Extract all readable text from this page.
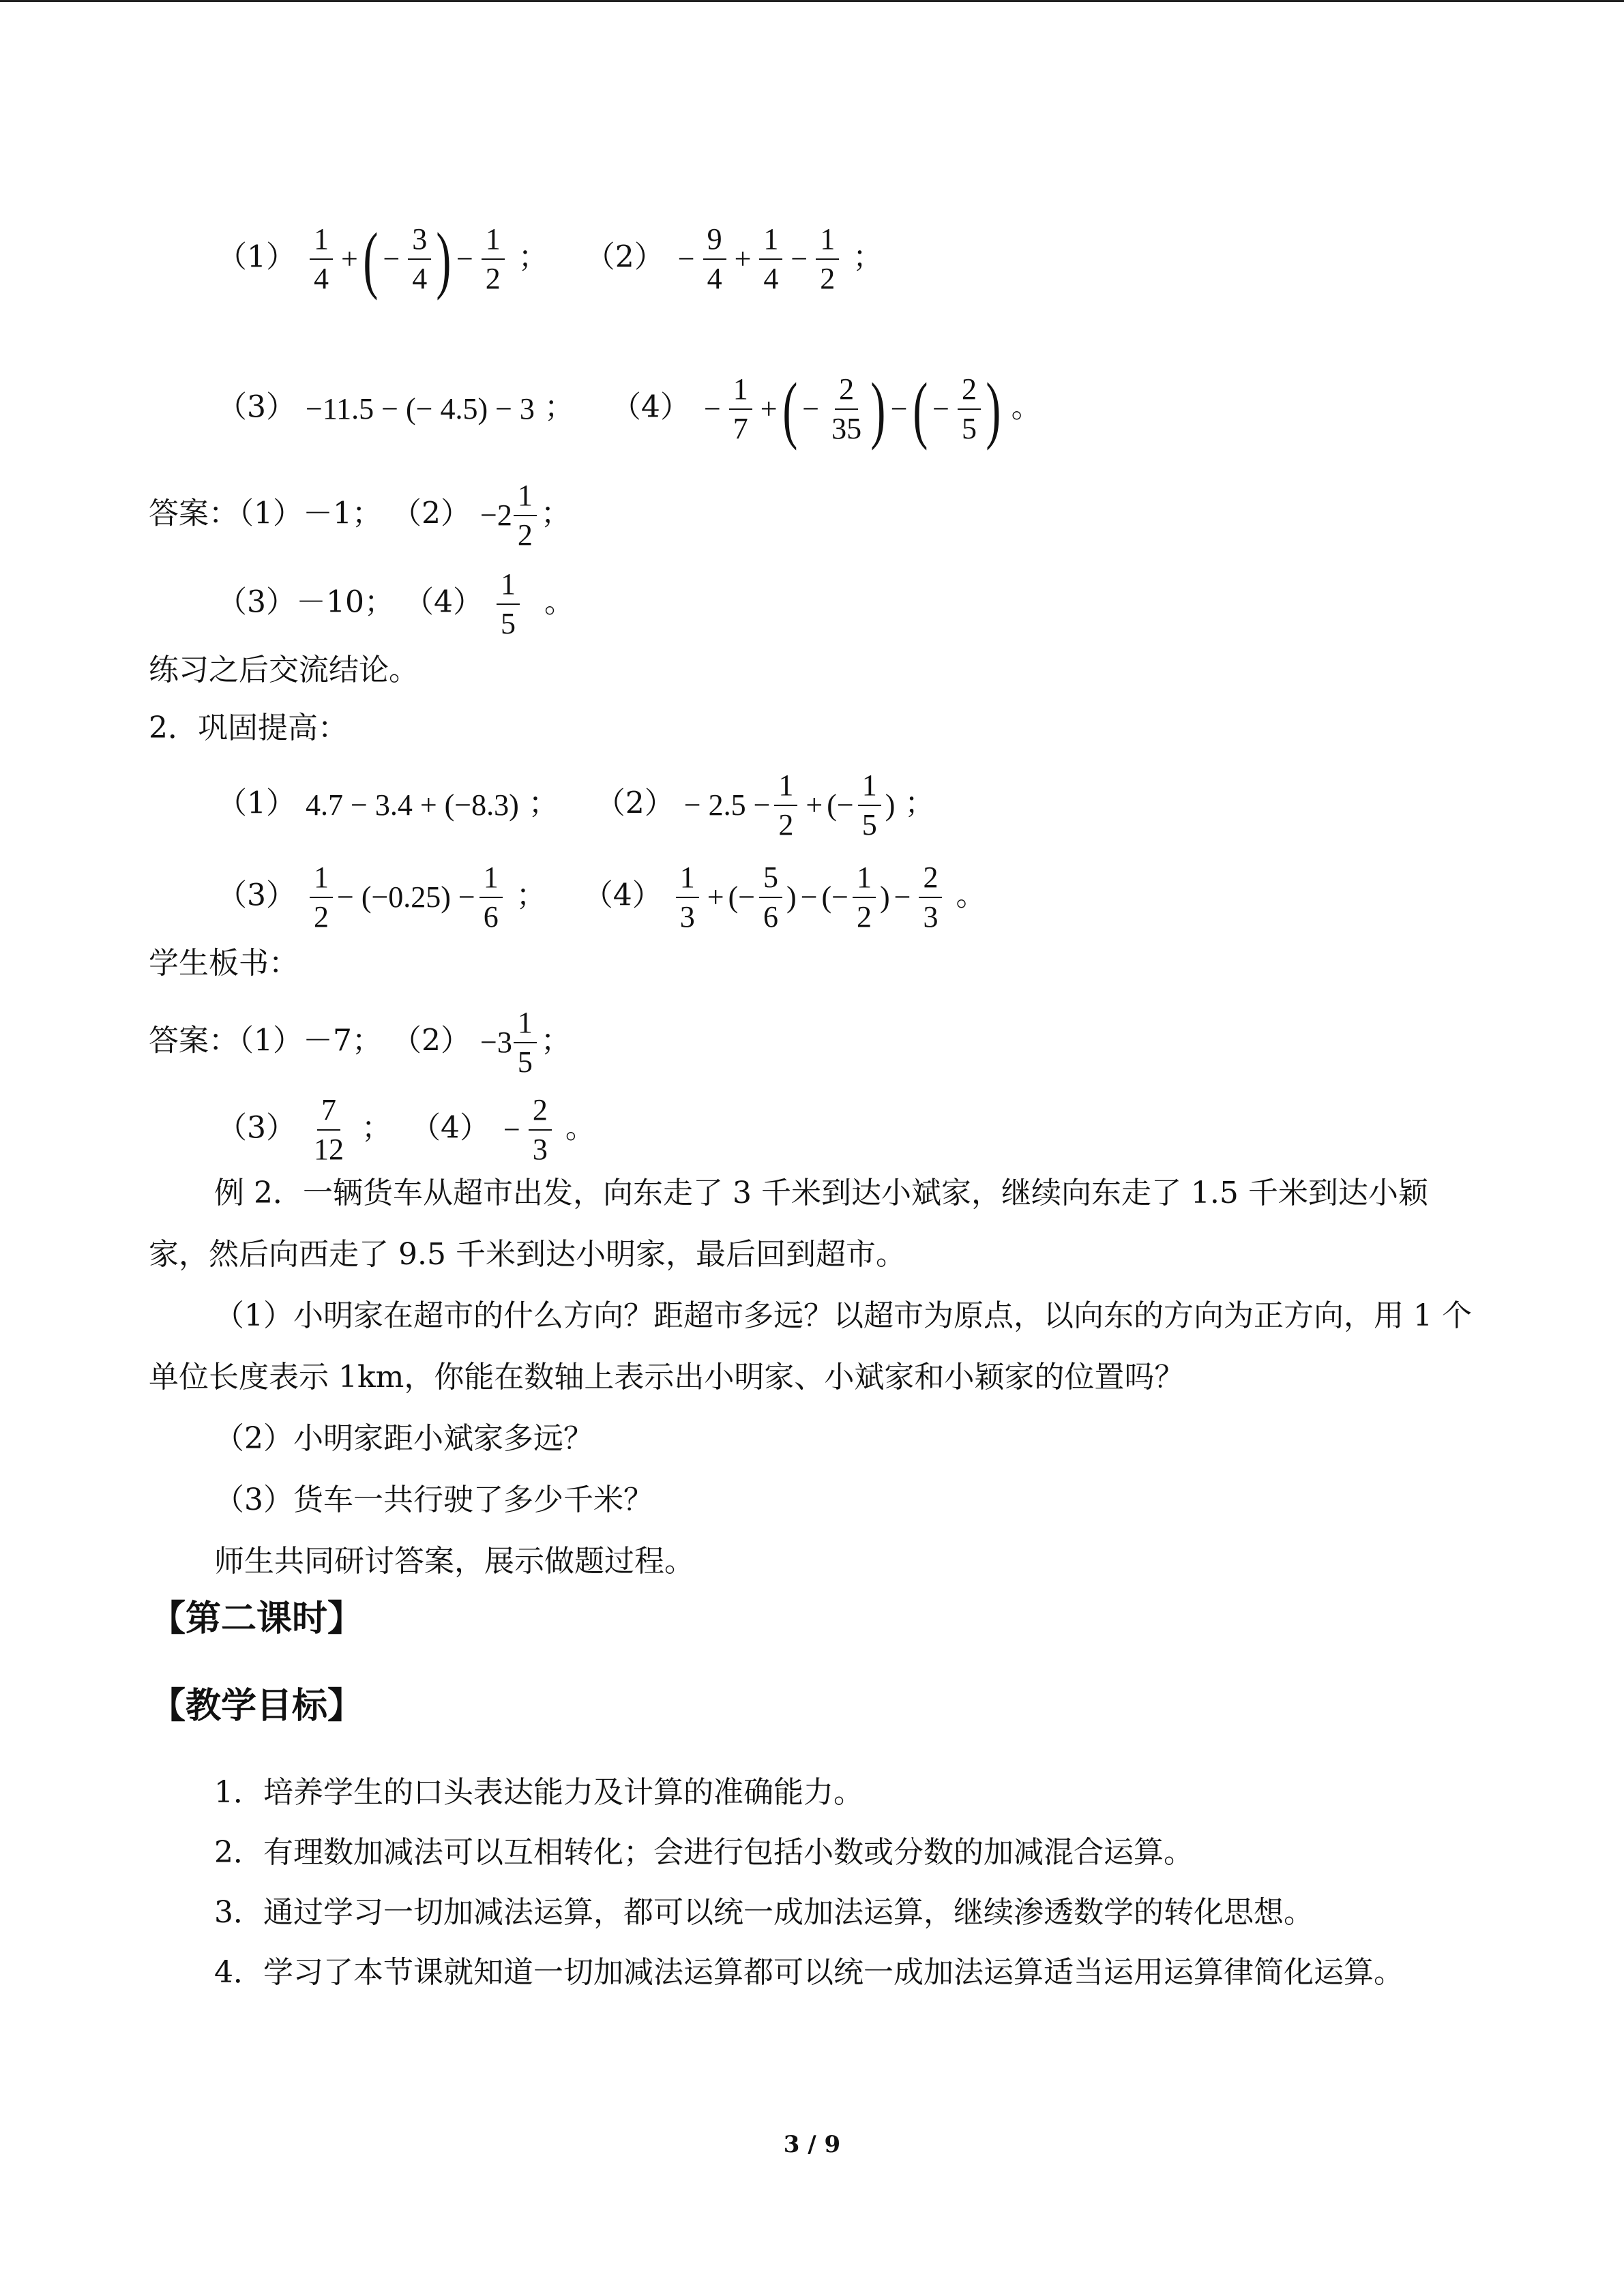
$(1) \frac{1}{4}$ + ( − $\frac{3}{4}$ ) − $\frac{1}{2}$ ； $(2) - \frac{9}{4} + \frac{1}{4} - \frac{1}{2}$ ；
（3） −11.5 − (− 4.5) − 3 ； $(4) - \frac{1}{7}$ + ( − $\frac{2}{35}$ ) − ( − $\frac{2}{5}$ ) 。
答案：（1）－1； $(2) -2 \frac{1}{2}$ ；
（3）－10； $(4) \frac{1}{5}$ 。
练习之后交流结论。
2．巩固提高：
（1） 4.7 − 3.4 + (−8.3) ； $(2) - 2.5 - \frac{1}{2}$ + (− $\frac{1}{5}$ ) ；
$(3) \frac{1}{2} - (-0.25) - \frac{1}{6}$ ； $(4) \frac{1}{3}$ + (− $\frac{5}{6}$ ) − (− $\frac{1}{2}$ ) − $\frac{2}{3}$ 。
学生板书：
答案：（1）－7； $(2) -3 \frac{1}{5}$ ；
$(3) \frac{7}{12}$ ； $(4) - \frac{2}{3}$ 。

例 2．一辆货车从超市出发，向东走了 3 千米到达小斌家，继续向东走了 1.5 千米到达小颖家，然后向西走了 9.5 千米到达小明家，最后回到超市。

（1）小明家在超市的什么方向？距超市多远？以超市为原点，以向东的方向为正方向，用 1 个单位长度表示 1km，你能在数轴上表示出小明家、小斌家和小颖家的位置吗？

（2）小明家距小斌家多远？

（3）货车一共行驶了多少千米？

师生共同研讨答案，展示做题过程。

【第二课时】
【教学目标】

1．培养学生的口头表达能力及计算的准确能力。

2．有理数加减法可以互相转化；会进行包括小数或分数的加减混合运算。

3．通过学习一切加减法运算，都可以统一成加法运算，继续渗透数学的转化思想。

4．学习了本节课就知道一切加减法运算都可以统一成加法运算适当运用运算律简化运算。

3 / 9
